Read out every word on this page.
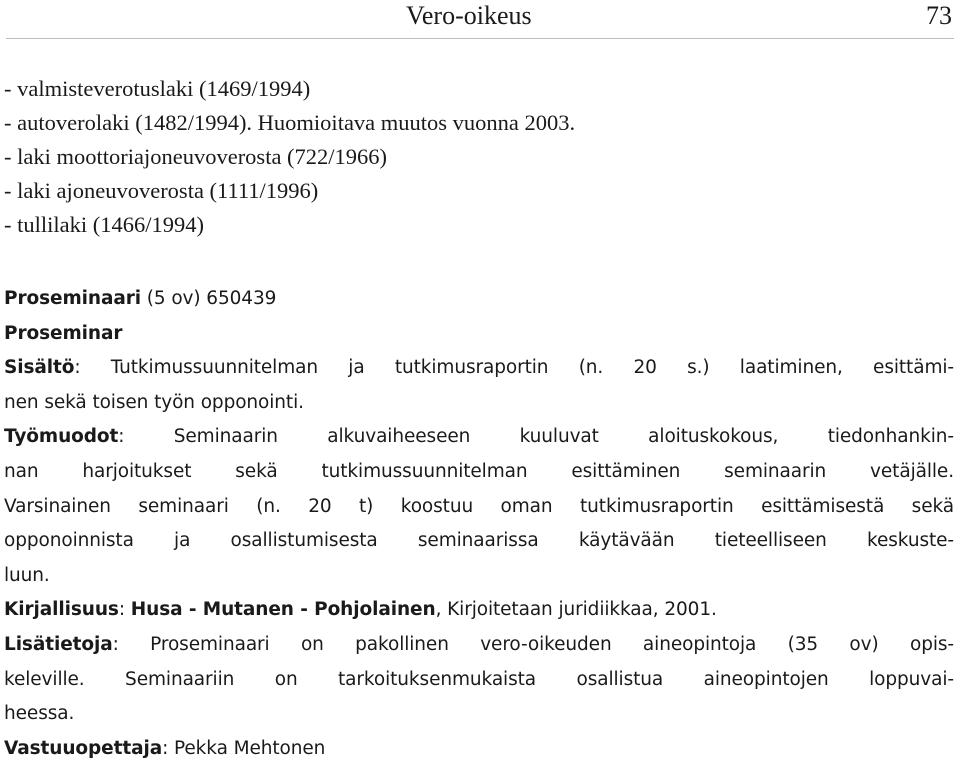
Vero-oikeus	73
- valmisteverotuslaki (1469/1994)
- autoverolaki (1482/1994). Huomioitava muutos vuonna 2003.
- laki moottoriajoneuvoverosta (722/1966)
- laki ajoneuvoverosta (1111/1996)
- tullilaki (1466/1994)
Proseminaari (5 ov) 650439
Proseminar
Sisältö: Tutkimussuunnitelman ja tutkimusraportin (n. 20 s.) laatiminen, esittämi-
nen sekä toisen työn opponointi.
Työmuodot: Seminaarin alkuvaiheeseen kuuluvat aloituskokous, tiedonhankin-
nan harjoitukset sekä tutkimussuunnitelman esittäminen seminaarin vetäjälle.
Varsinainen seminaari (n. 20 t) koostuu oman tutkimusraportin esittämisestä sekä
opponoinnista ja osallistumisesta seminaarissa käytävään tieteelliseen keskuste-
luun.
Kirjallisuus: Husa - Mutanen - Pohjolainen, Kirjoitetaan juridiikkaa, 2001.
Lisätietoja: Proseminaari on pakollinen vero-oikeuden aineopintoja (35 ov) opis-
keleville. Seminaariin on tarkoituksenmukaista osallistua aineopintojen loppuvai-
heessa.
Vastuuopettaja: Pekka Mehtonen
